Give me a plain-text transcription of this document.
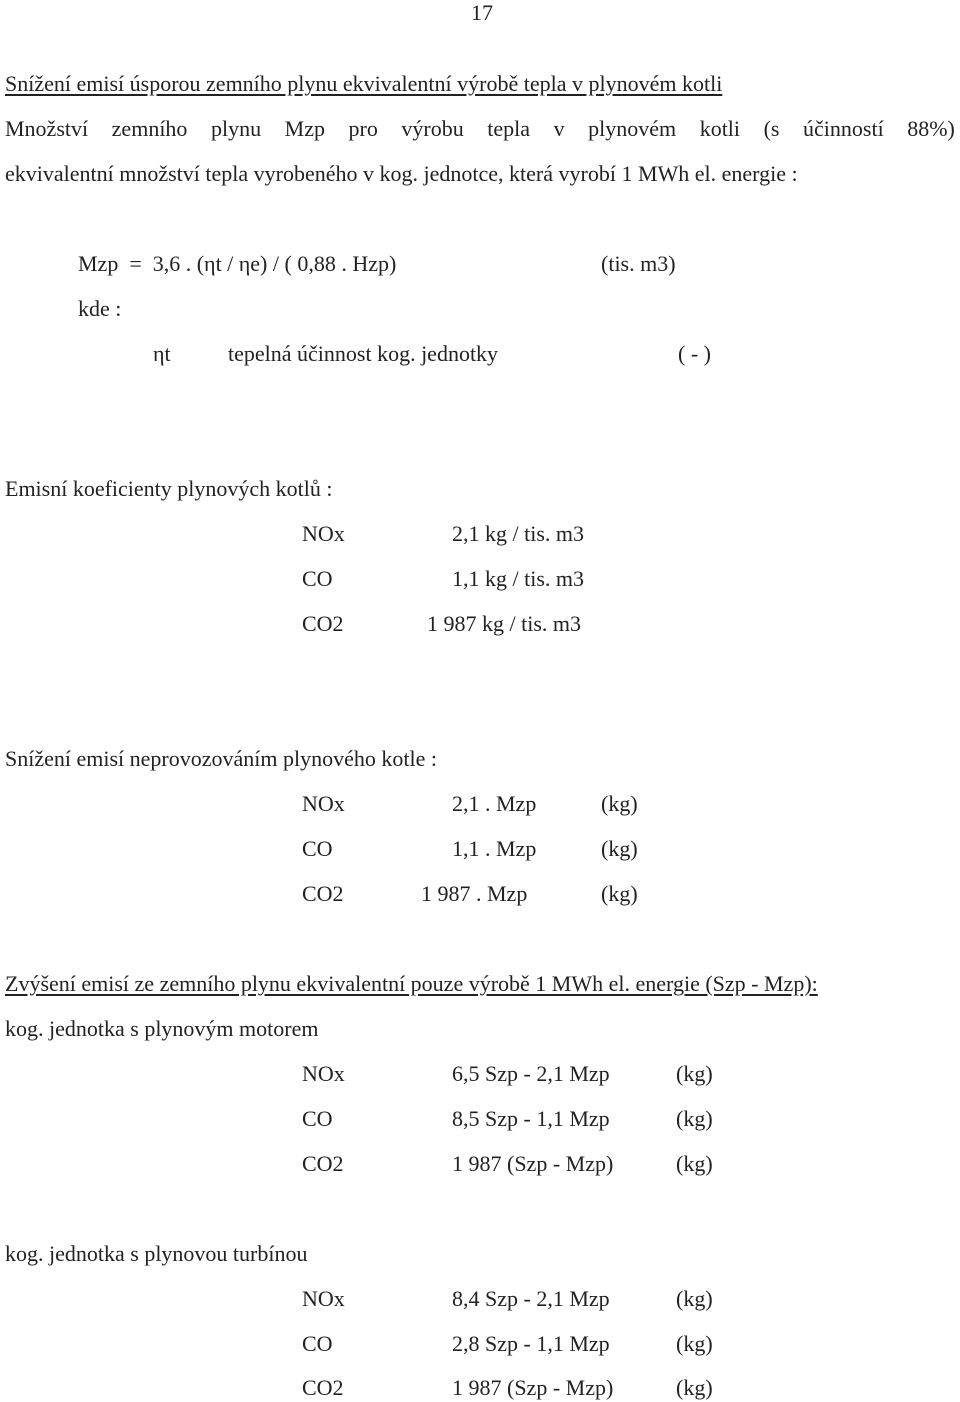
17
Snížení emisí úsporou zemního plynu ekvivalentní výrobě tepla v plynovém kotli
Množství zemního plynu Mzp pro výrobu tepla v plynovém kotli (s účinností 88%)
ekvivalentní množství tepla vyrobeného v kog. jednotce, která vyrobí 1 MWh el. energie :
Mzp  =  3,6 . (ηt / ηe) / ( 0,88 . Hzp)	(tis. m3)
kde :
ηt	tepelná účinnost kog. jednotky	( - )
Emisní koeficienty plynových kotlů :
NOx	2,1 kg / tis. m3
CO	1,1 kg / tis. m3
CO2	1 987 kg / tis. m3
Snížení emisí neprovozováním plynového kotle :
NOx	2,1 . Mzp	(kg)
CO	1,1 . Mzp	(kg)
CO2	1 987 . Mzp	(kg)
Zvýšení emisí ze zemního plynu ekvivalentní pouze výrobě 1 MWh el. energie (Szp - Mzp):
kog. jednotka s plynovým motorem
NOx	6,5 Szp - 2,1 Mzp	(kg)
CO	8,5 Szp - 1,1 Mzp	(kg)
CO2	1 987 (Szp - Mzp)	(kg)
kog. jednotka s plynovou turbínou
NOx	8,4 Szp - 2,1 Mzp	(kg)
CO	2,8 Szp - 1,1 Mzp	(kg)
CO2	1 987 (Szp - Mzp)	(kg)
